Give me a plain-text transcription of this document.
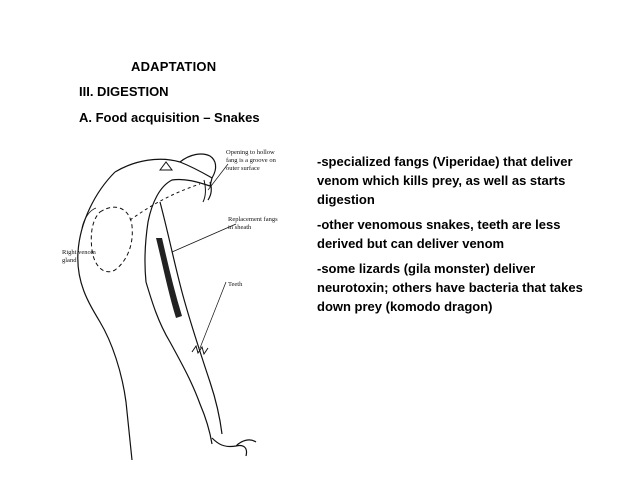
ADAPTATION
III. DIGESTION
A. Food acquisition – Snakes

-specialized fangs (Viperidae) that deliver venom which kills prey, as well as starts digestion

-other venomous snakes, teeth are less derived but can deliver venom

-some lizards (gila monster) deliver neurotoxin; others have bacteria that takes down prey (komodo dragon)

Opening to hollow
fang is a groove on
outer surface
Replacement fangs
in sheath
Right venom
gland
Teeth
